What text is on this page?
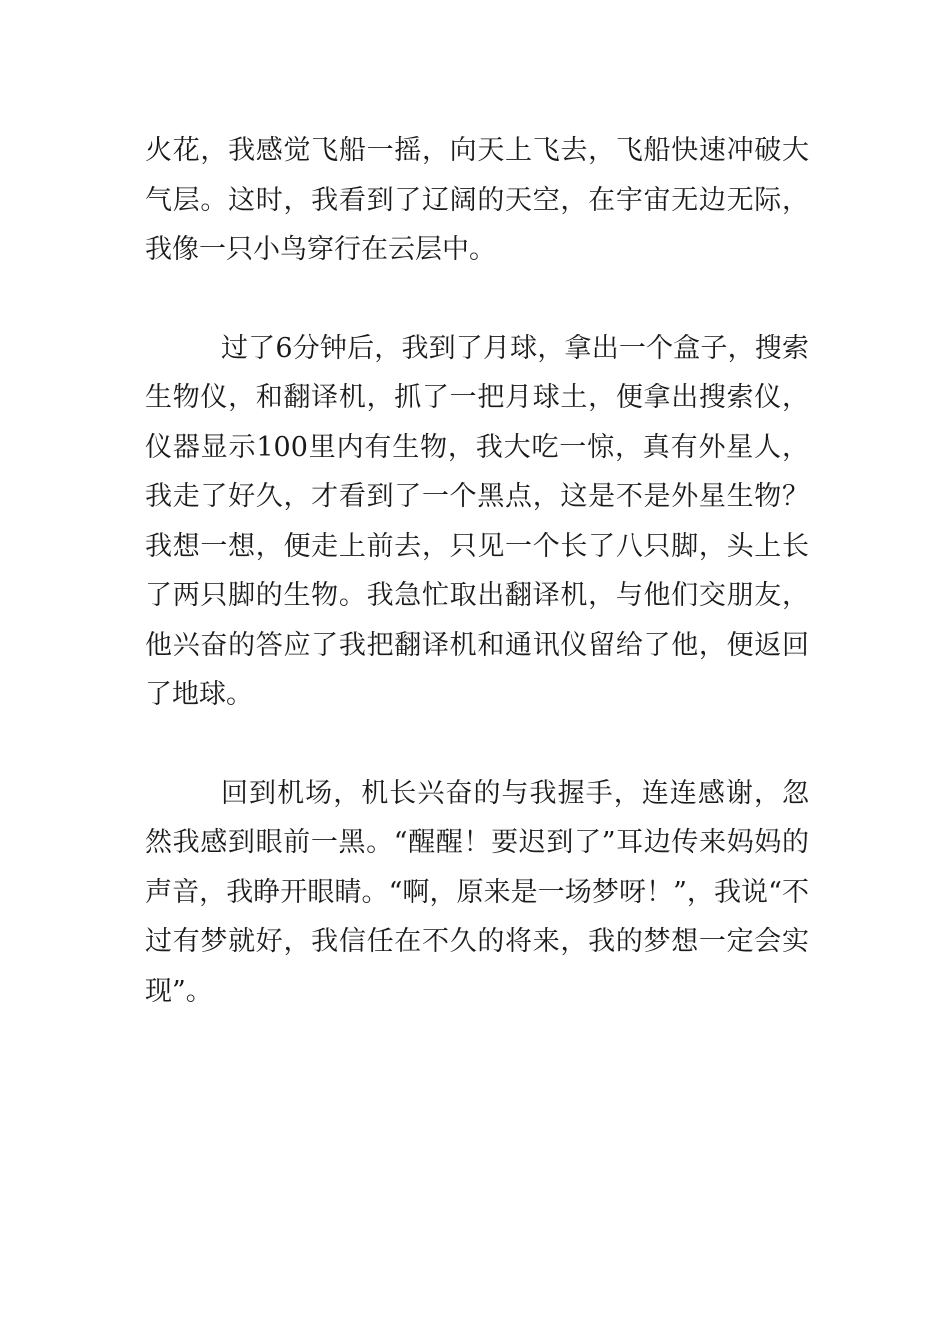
火花，我感觉飞船一摇，向天上飞去，飞船快速冲破大气层。这时，我看到了辽阔的天空，在宇宙无边无际，我像一只小鸟穿行在云层中。

过了6分钟后，我到了月球，拿出一个盒子，搜索生物仪，和翻译机，抓了一把月球土，便拿出搜索仪，仪器显示100里内有生物，我大吃一惊，真有外星人，我走了好久，才看到了一个黑点，这是不是外星生物？我想一想，便走上前去，只见一个长了八只脚，头上长了两只脚的生物。我急忙取出翻译机，与他们交朋友，他兴奋的答应了我把翻译机和通讯仪留给了他，便返回了地球。

回到机场，机长兴奋的与我握手，连连感谢，忽然我感到眼前一黑。“醒醒！要迟到了”耳边传来妈妈的声音，我睁开眼睛。“啊，原来是一场梦呀！”，我说“不过有梦就好，我信任在不久的将来，我的梦想一定会实现”。
